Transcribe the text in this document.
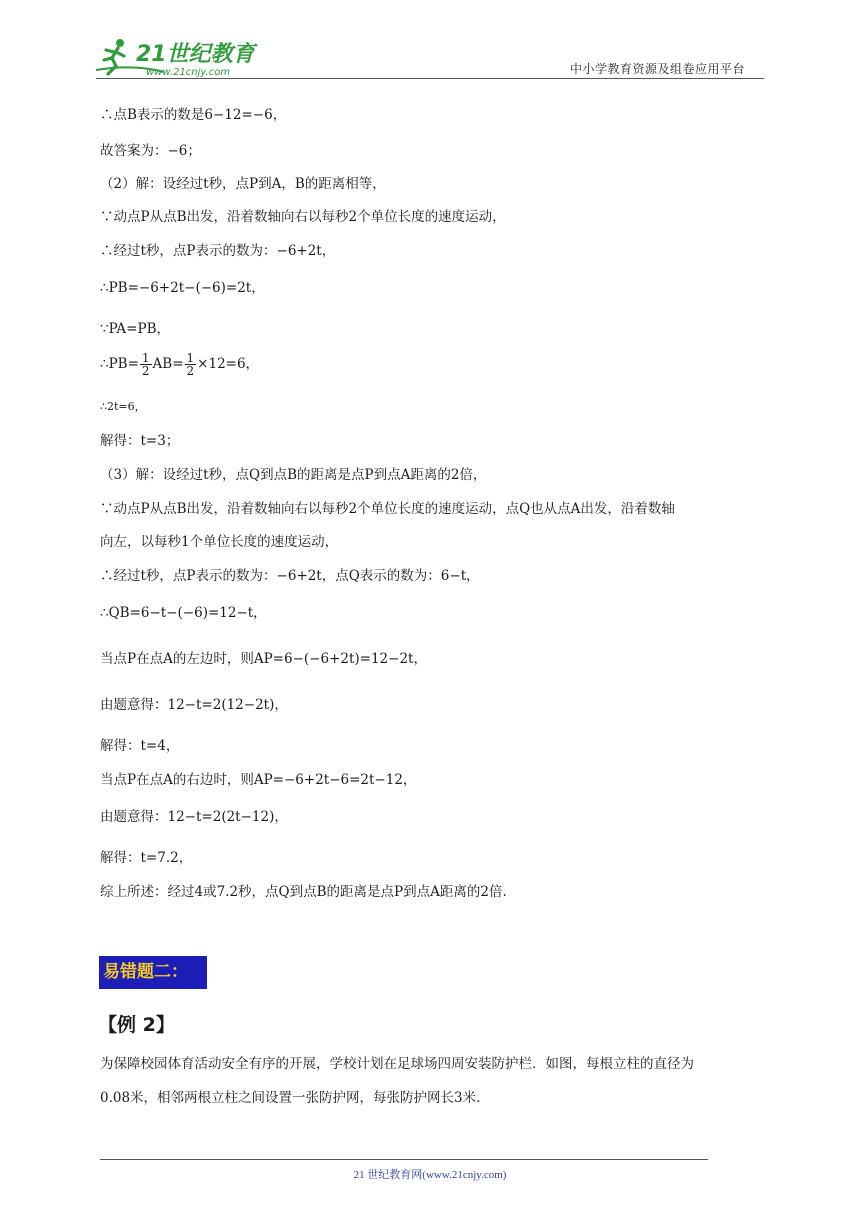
21世纪教育
www.21cnjy.com	中小学教育资源及组卷应用平台
∴点B表示的数是6−12=−6，
故答案为：−6；
（2）解：设经过t秒，点P到A，B的距离相等，
∵动点P从点B出发，沿着数轴向右以每秒2个单位长度的速度运动，
∴经过t秒，点P表示的数为：−6+2t，
∴PB=−6+2t−(−6)=2t，
∵PA=PB，
∴PB= $\frac{1}{2} AB= \frac{1}{2} \times 12=6$，
∴2t=6，
解得：t=3；
（3）解：设经过t秒，点Q到点B的距离是点P到点A距离的2倍，
∵动点P从点B出发，沿着数轴向右以每秒2个单位长度的速度运动，点Q也从点A出发，沿着数轴
向左，以每秒1个单位长度的速度运动，
∴经过t秒，点P表示的数为：−6+2t，点Q表示的数为：6−t，
∴QB=6−t−(−6)=12−t，
当点P在点A的左边时，则AP=6−(−6+2t)=12−2t，
由题意得：12−t=2(12−2t)，
解得：t=4，
当点P在点A的右边时，则AP=−6+2t−6=2t−12，
由题意得：12−t=2(2t−12)，
解得：t=7.2，
综上所述：经过4或7.2秒，点Q到点B的距离是点P到点A距离的2倍.
易错题二：
【例 2】
为保障校园体育活动安全有序的开展，学校计划在足球场四周安装防护栏．如图，每根立柱的直径为
0.08米，相邻两根立柱之间设置一张防护网，每张防护网长3米.
21 世纪教育网(www.21cnjy.com)
